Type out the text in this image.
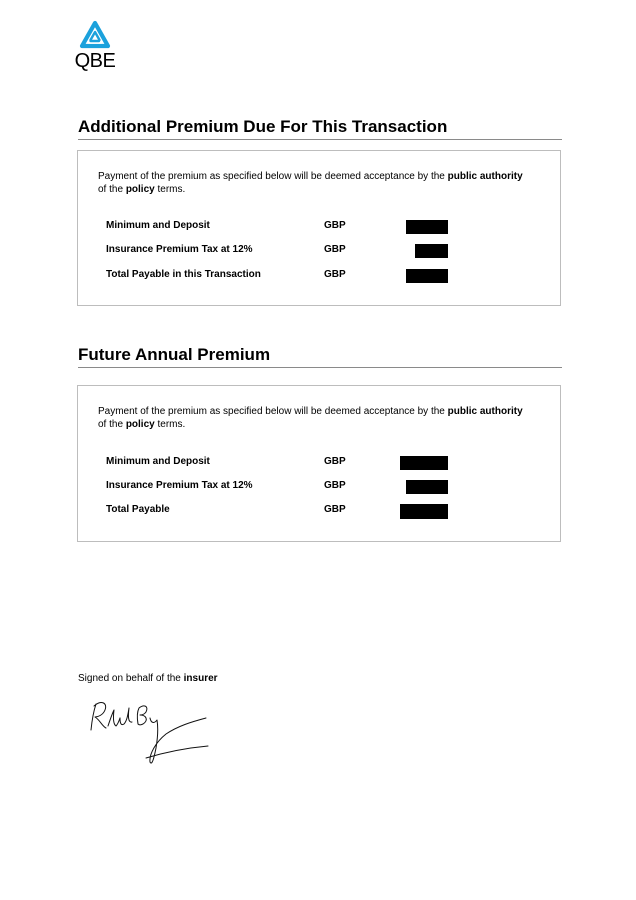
QBE
Additional Premium Due For This Transaction
Payment of the premium as specified below will be deemed acceptance by the public authority
of the policy terms.
Minimum and Deposit	GBP
Insurance Premium Tax at 12%	GBP
Total Payable in this Transaction	GBP
Future Annual Premium
Payment of the premium as specified below will be deemed acceptance by the public authority
of the policy terms.
Minimum and Deposit	GBP
Insurance Premium Tax at 12%	GBP
Total Payable	GBP
Signed on behalf of the insurer
